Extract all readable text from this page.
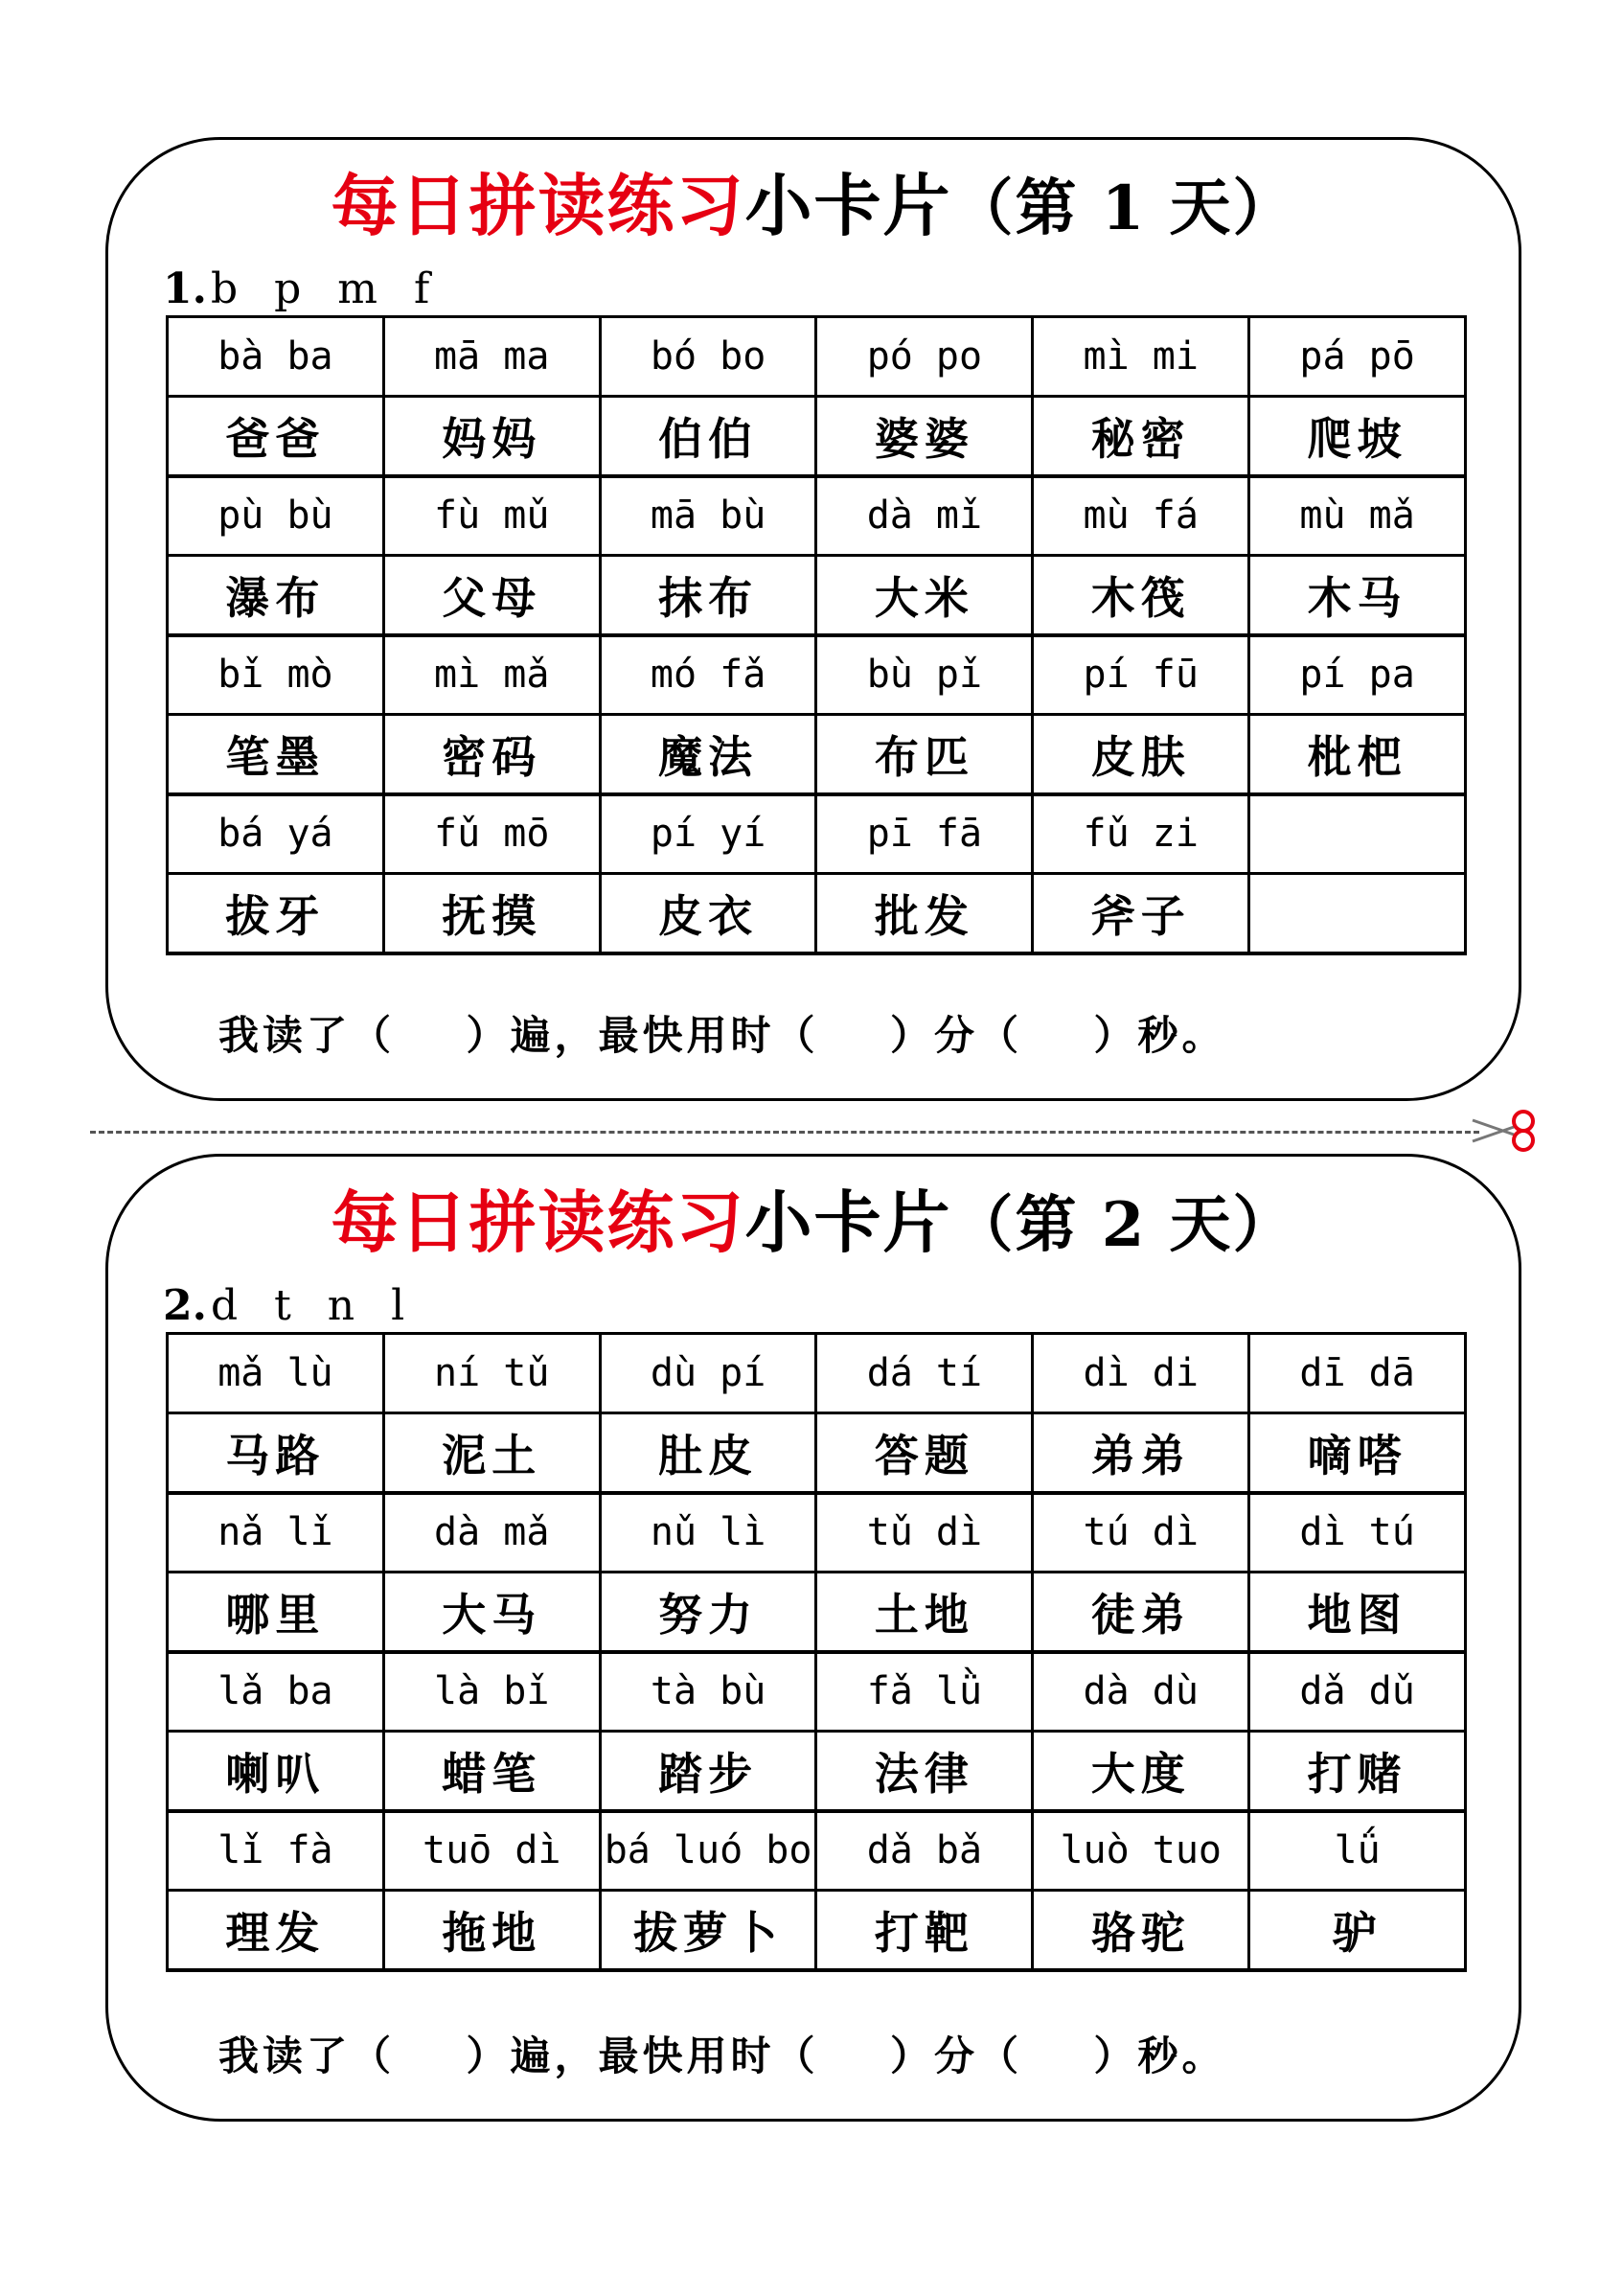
每日拼读练习小卡片（第 1 天）
1.b p m f
bà ba	mā ma	bó bo	pó po	mì mi	pá pō
爸爸	妈妈	伯伯	婆婆	秘密	爬坡
pù bù	fù mǔ	mā bù	dà mǐ	mù fá	mù mǎ
瀑布	父母	抹布	大米	木筏	木马
bǐ mò	mì mǎ	mó fǎ	bù pǐ	pí fū	pí pa
笔墨	密码	魔法	布匹	皮肤	枇杷
bá yá	fǔ mō	pí yí	pī fā	fǔ zi	
拔牙	抚摸	皮衣	批发	斧子	
我读了（    ）遍，最快用时（    ）分（    ）秒。
每日拼读练习小卡片（第 2 天）
2.d t n l
mǎ lù	ní tǔ	dù pí	dá tí	dì di	dī dā
马路	泥土	肚皮	答题	弟弟	嘀嗒
nǎ lǐ	dà mǎ	nǔ lì	tǔ dì	tú dì	dì tú
哪里	大马	努力	土地	徒弟	地图
lǎ ba	là bǐ	tà bù	fǎ lǜ	dà dù	dǎ dǔ
喇叭	蜡笔	踏步	法律	大度	打赌
lǐ fà	tuō dì	bá luó bo	dǎ bǎ	luò tuo	lǘ
理发	拖地	拔萝卜	打靶	骆驼	驴
我读了（    ）遍，最快用时（    ）分（    ）秒。
